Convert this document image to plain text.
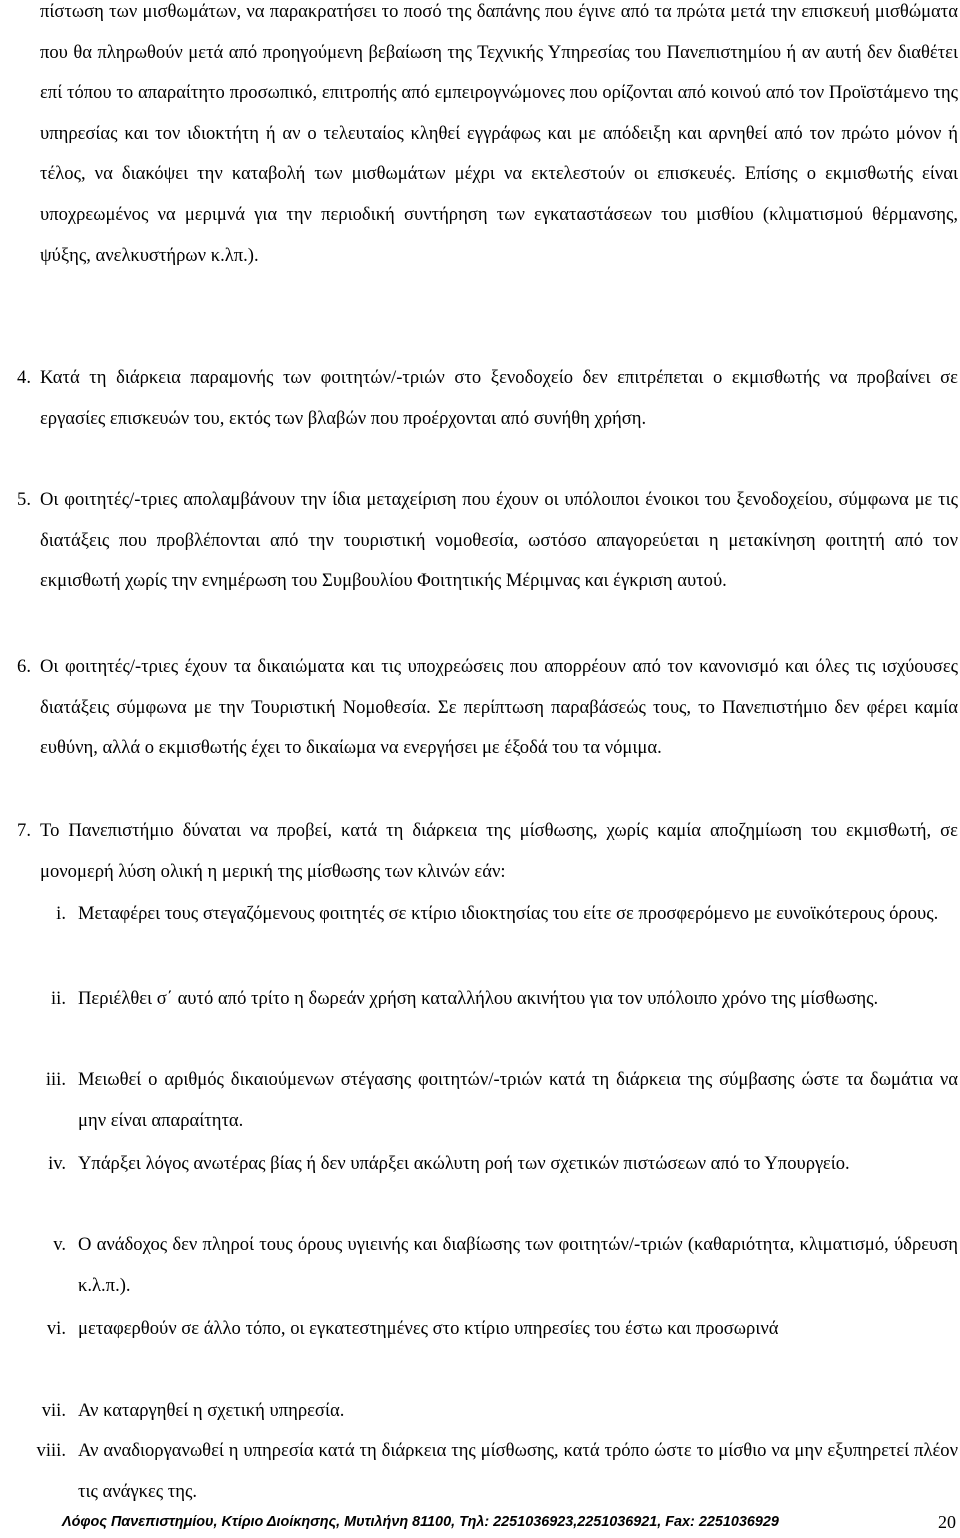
πίστωση των μισθωμάτων, να παρακρατήσει το ποσό της δαπάνης που έγινε από τα πρώτα μετά την επισκευή μισθώματα που θα πληρωθούν μετά από προηγούμενη βεβαίωση της Τεχνικής Υπηρεσίας του Πανεπιστημίου ή αν αυτή δεν διαθέτει επί τόπου το απαραίτητο προσωπικό, επιτροπής από εμπειρογνώμονες που ορίζονται από κοινού από τον Προϊστάμενο της υπηρεσίας και τον ιδιοκτήτη ή αν ο τελευταίος κληθεί εγγράφως και με απόδειξη και αρνηθεί από τον πρώτο μόνον ή τέλος, να διακόψει την καταβολή των μισθωμάτων μέχρι να εκτελεστούν οι επισκευές. Επίσης ο εκμισθωτής είναι υποχρεωμένος να μεριμνά για την περιοδική συντήρηση των εγκαταστάσεων του μισθίου (κλιματισμού θέρμανσης, ψύξης, ανελκυστήρων κ.λπ.).

4. Κατά τη διάρκεια παραμονής των φοιτητών/-τριών στο ξενοδοχείο δεν επιτρέπεται ο εκμισθωτής να προβαίνει σε εργασίες επισκευών του, εκτός των βλαβών που προέρχονται από συνήθη χρήση.
5. Οι φοιτητές/-τριες απολαμβάνουν την ίδια μεταχείριση που έχουν οι υπόλοιποι ένοικοι του ξενοδοχείου, σύμφωνα με τις διατάξεις που προβλέπονται από την τουριστική νομοθεσία, ωστόσο απαγορεύεται η μετακίνηση φοιτητή από τον εκμισθωτή χωρίς την ενημέρωση του Συμβουλίου Φοιτητικής Μέριμνας και έγκριση αυτού.
6. Οι φοιτητές/-τριες έχουν τα δικαιώματα και τις υποχρεώσεις που απορρέουν από τον κανονισμό και όλες τις ισχύουσες διατάξεις σύμφωνα με την Τουριστική Νομοθεσία. Σε περίπτωση παραβάσεώς τους, το Πανεπιστήμιο δεν φέρει καμία ευθύνη, αλλά ο εκμισθωτής έχει το δικαίωμα να ενεργήσει με έξοδά του τα νόμιμα.
7. Το Πανεπιστήμιο δύναται να προβεί, κατά τη διάρκεια της μίσθωσης, χωρίς καμία αποζημίωση του εκμισθωτή, σε μονομερή λύση ολική η μερική της μίσθωσης των κλινών εάν:
i. Μεταφέρει τους στεγαζόμενους φοιτητές σε κτίριο ιδιοκτησίας του είτε σε προσφερόμενο με ευνοϊκότερους όρους.
ii. Περιέλθει σ΄ αυτό από τρίτο η δωρεάν χρήση καταλλήλου ακινήτου για τον υπόλοιπο χρόνο της μίσθωσης.
iii. Μειωθεί ο αριθμός δικαιούμενων στέγασης φοιτητών/-τριών κατά τη διάρκεια της σύμβασης ώστε τα δωμάτια να μην είναι απαραίτητα.
iv. Υπάρξει λόγος ανωτέρας βίας ή δεν υπάρξει ακώλυτη ροή των σχετικών πιστώσεων από το Υπουργείο.
v. Ο ανάδοχος δεν πληροί τους όρους υγιεινής και διαβίωσης των φοιτητών/-τριών (καθαριότητα, κλιματισμό, ύδρευση κ.λ.π.).
vi. μεταφερθούν σε άλλο τόπο, οι εγκατεστημένες στο κτίριο υπηρεσίες του έστω και προσωρινά
vii. Αν καταργηθεί η σχετική υπηρεσία.
viii. Αν αναδιοργανωθεί η υπηρεσία κατά τη διάρκεια της μίσθωσης, κατά τρόπο ώστε το μίσθιο να μην εξυπηρετεί πλέον τις ανάγκες της.
Λόφος Πανεπιστημίου, Κτίριο Διοίκησης, Μυτιλήνη 81100, Τηλ: 2251036923,2251036921, Fax: 2251036929	20
